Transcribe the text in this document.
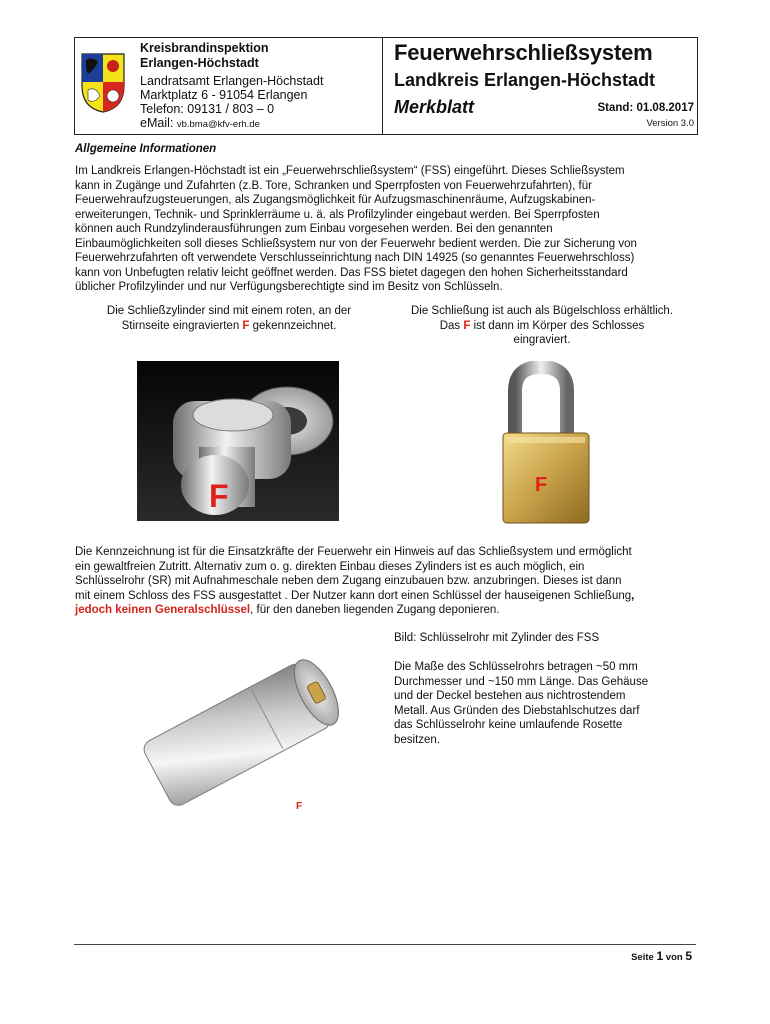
Kreisbrandinspektion
Erlangen-Höchstadt
Landratsamt Erlangen-Höchstadt
Marktplatz 6 - 91054 Erlangen
Telefon: 09131 / 803 – 0
eMail: vb.bma@kfv-erh.de
Feuerwehrschließsystem
Landkreis Erlangen-Höchstadt
Merkblatt	Stand: 01.08.2017
Version 3.0
Allgemeine Informationen
Im Landkreis Erlangen-Höchstadt ist ein „Feuerwehrschließsystem“ (FSS) eingeführt. Dieses Schließsystem
kann in Zugänge und Zufahrten (z.B. Tore, Schranken und Sperrpfosten von Feuerwehrzufahrten), für
Feuerwehraufzugsteuerungen, als Zugangsmöglichkeit für Aufzugsmaschinenräume, Aufzugskabinen-
erweiterungen, Technik- und Sprinklerräume u. ä. als Profilzylinder eingebaut werden. Bei Sperrpfosten
können auch Rundzylinderausführungen zum Einbau vorgesehen werden. Bei den genannten
Einbaumöglichkeiten soll dieses Schließsystem nur von der Feuerwehr bedient werden. Die zur Sicherung von
Feuerwehrzufahrten oft verwendete Verschlusseinrichtung nach DIN 14925 (so genanntes Feuerwehrschloss)
kann von Unbefugten relativ leicht geöffnet werden. Das FSS bietet dagegen den hohen Sicherheitsstandard
üblicher Profilzylinder und nur Verfügungsberechtigte sind im Besitz von Schlüsseln.
Die Schließzylinder sind mit einem roten, an der
Stirnseite eingravierten F gekennzeichnet.
Die Schließung ist auch als Bügelschloss erhältlich.
Das F ist dann im Körper des Schlosses
eingraviert.
F	F
Die Kennzeichnung ist für die Einsatzkräfte der Feuerwehr ein Hinweis auf das Schließsystem und ermöglicht
ein gewaltfreien Zutritt. Alternativ zum o. g. direkten Einbau dieses Zylinders ist es auch möglich, ein
Schlüsselrohr (SR) mit Aufnahmeschale neben dem Zugang einzubauen bzw. anzubringen. Dieses ist dann
mit einem Schloss des FSS ausgestattet . Der Nutzer kann dort einen Schlüssel der hauseigenen Schließung,
jedoch keinen Generalschlüssel, für den daneben liegenden Zugang deponieren.
F
Bild: Schlüsselrohr mit Zylinder des FSS
Die Maße des Schlüsselrohrs betragen ~50 mm
Durchmesser und ~150 mm Länge. Das Gehäuse
und der Deckel bestehen aus nichtrostendem
Metall. Aus Gründen des Diebstahlschutzes darf
das Schlüsselrohr keine umlaufende Rosette
besitzen.
Seite 1 von 5
